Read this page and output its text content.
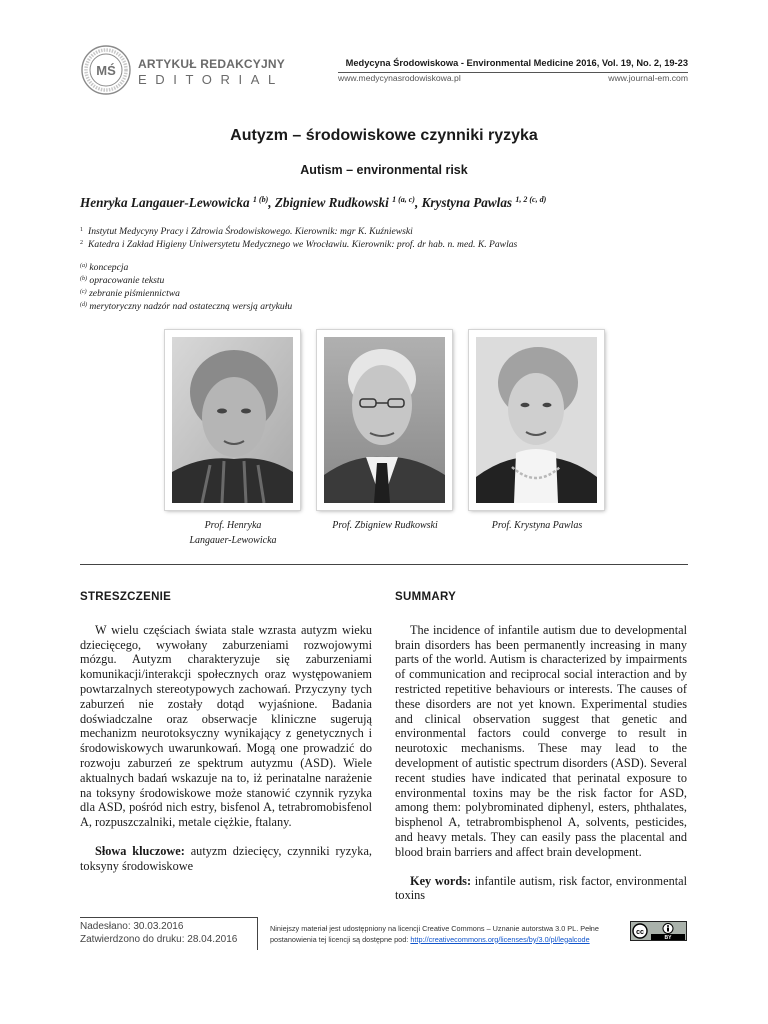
MŚ ARTYKUŁ REDAKCYJNY
EDITORIAL
Medycyna Środowiskowa - Environmental Medicine 2016, Vol. 19, No. 2, 19-23
www.medycynasrodowiskowa.pl	www.journal-em.com
Autyzm – środowiskowe czynniki ryzyka
Autism – environmental risk
Henryka Langauer-Lewowicka $^{1 (b)}$, Zbigniew Rudkowski $^{1 (a, c)}$, Krystyna Pawlas $^{1, 2 (c, d)}$
$^1$ Instytut Medycyny Pracy i Zdrowia Środowiskowego. Kierownik: mgr K. Kuźniewski
$^2$ Katedra i Zakład Higieny Uniwersytetu Medycznego we Wrocławiu. Kierownik: prof. dr hab. n. med. K. Pawlas
$^{(a)}$ koncepcja
$^{(b)}$ opracowanie tekstu
$^{(c)}$ zebranie piśmiennictwa
$^{(d)}$ merytoryczny nadzór nad ostateczną wersją artykułu
Prof. Henryka
Langauer-Lewowicka
Prof. Zbigniew Rudkowski	Prof. Krystyna Pawlas
STRESZCZENIE

W wielu częściach świata stale wzrasta autyzm wieku dziecięcego, wywołany zaburzeniami rozwojowymi mózgu. Autyzm charakteryzuje się zaburzeniami komunikacji/interakcji społecznych oraz występowaniem powtarzalnych stereotypowych zachowań. Przyczyny tych zaburzeń nie zostały dotąd wyjaśnione. Badania doświadczalne oraz obserwacje kliniczne sugerują mechanizm neurotoksyczny wynikający z genetycznych i środowiskowych uwarunkowań. Mogą one prowadzić do rozwoju zaburzeń ze spektrum autyzmu (ASD). Wiele aktualnych badań wskazuje na to, iż perinatalne narażenie na toksyny środowiskowe może stanowić czynnik ryzyka dla ASD, pośród nich estry, bisfenol A, tetrabromobisfenol A, rozpuszczalniki, metale ciężkie, ftalany.

Słowa kluczowe: autyzm dziecięcy, czynniki ryzyka, toksyny środowiskowe

SUMMARY

The incidence of infantile autism due to developmental brain disorders has been permanently increasing in many parts of the world. Autism is characterized by impairments of communication and reciprocal social interaction and by restricted repetitive behaviours or interests. The causes of these disorders are not yet known. Experimental studies and clinical observation suggest that genetic and environmental factors could converge to result in neurotoxic mechanisms. These may lead to the development of autistic spectrum disorders (ASD). Several recent studies have indicated that perinatal exposure to environmental toxins may be the risk factor for ASD, among them: polybrominated diphenyl, esters, phthalates, bisphenol A, tetrabrombisphenol A, solvents, pesticides, and heavy metals. They can easily pass the placental and blood brain barriers and affect brain development.

Key words: infantile autism, risk factor, environmental toxins

Nadesłano: 30.03.2016
Zatwierdzono do druku: 28.04.2016
Niniejszy materiał jest udostępniony na licencji Creative Commons – Uznanie autorstwa 3.0 PL. Pełne postanowienia tej licencji są dostępne pod: http://creativecommons.org/licenses/by/3.0/pl/legalcode
cc
BY
